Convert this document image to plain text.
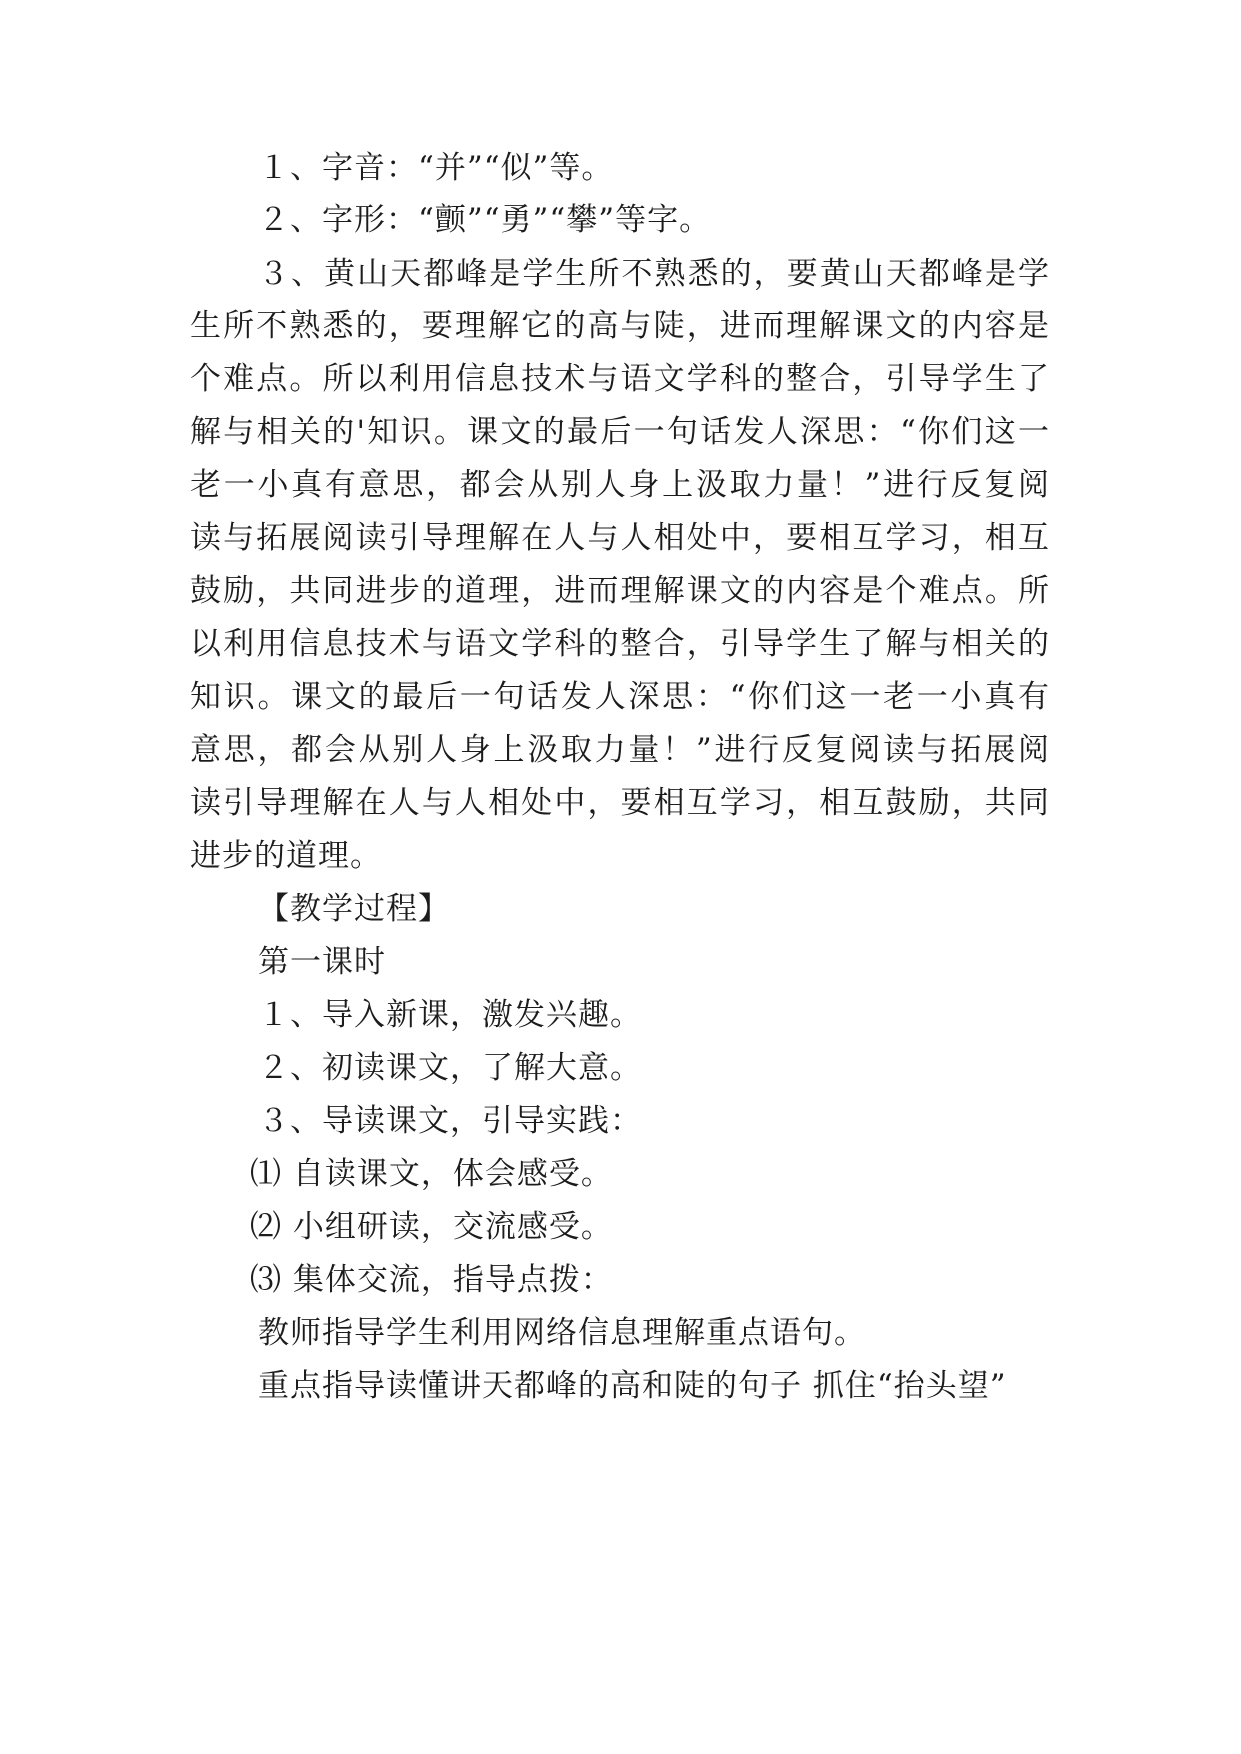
１、字音：“并”“似”等。
２、字形：“颤”“勇”“攀”等字。
３、黄山天都峰是学生所不熟悉的，要黄山天都峰是学
生所不熟悉的，要理解它的高与陡，进而理解课文的内容是
个难点。所以利用信息技术与语文学科的整合，引导学生了
解与相关的'知识。课文的最后一句话发人深思：“你们这一
老一小真有意思，都会从别人身上汲取力量！”进行反复阅
读与拓展阅读引导理解在人与人相处中，要相互学习，相互
鼓励，共同进步的道理，进而理解课文的内容是个难点。所
以利用信息技术与语文学科的整合，引导学生了解与相关的
知识。课文的最后一句话发人深思：“你们这一老一小真有
意思，都会从别人身上汲取力量！”进行反复阅读与拓展阅
读引导理解在人与人相处中，要相互学习，相互鼓励，共同
进步的道理。
【教学过程】
第一课时
１、导入新课，激发兴趣。
２、初读课文，了解大意。
３、导读课文，引导实践：
⑴ 自读课文，体会感受。
⑵ 小组研读，交流感受。
⑶ 集体交流，指导点拨：
教师指导学生利用网络信息理解重点语句。
重点指导读懂讲天都峰的高和陡的句子 抓住“抬头望”
